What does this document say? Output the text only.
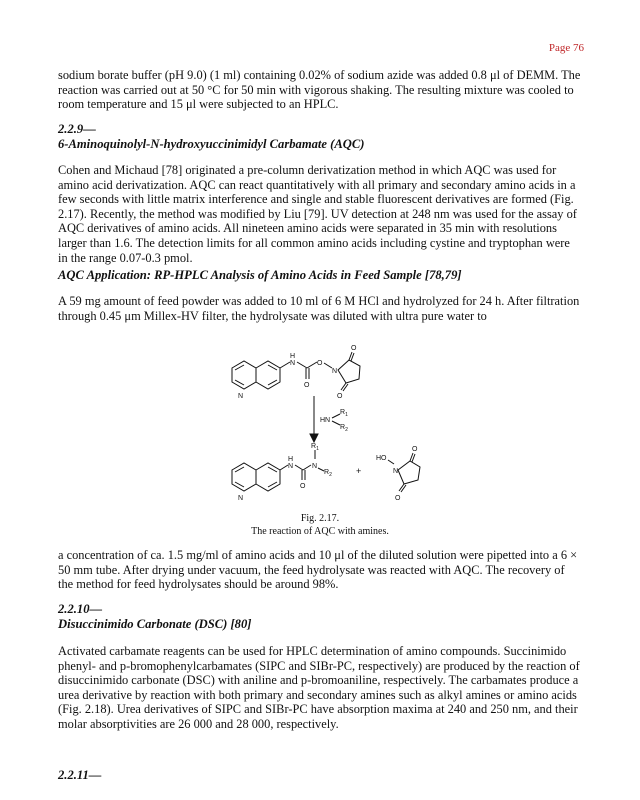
Page 76

sodium borate buffer (pH 9.0) (1 ml) containing 0.02% of sodium azide was added 0.8 μl of DEMM. The reaction was carried out at 50 °C for 50 min with vigorous shaking. The resulting mixture was cooled to room temperature and 15 μl were subjected to an HPLC.

2.2.9—
6-Aminoquinolyl-N-hydroxyuccinimidyl Carbamate (AQC)

Cohen and Michaud [78] originated a pre-column derivatization method in which AQC was used for amino acid derivatization. AQC can react quantitatively with all primary and secondary amino acids in a few seconds with little matrix interference and single and stable fluorescent derivatives are formed (Fig. 2.17). Recently, the method was modified by Liu [79]. UV detection at 248 nm was used for the assay of AQC derivatives of amino acids. All nineteen amino acids were separated in 35 min with resolutions larger than 1.6. The detection limits for all common amino acids including cystine and tryptophan were in the range 0.07-0.3 pmol.

AQC Application: RP-HPLC Analysis of Amino Acids in Feed Sample [78,79]

A 59 mg amount of feed powder was added to 10 ml of 6 M HCl and hydrolyzed for 24 h. After filtration through 0.45 μm Millex-HV filter, the hydrolysate was diluted with ultra pure water to

N
H
N	O
O
N
O
O
HN
$R_1$
$R_2$
N
H
N	N
$R_1$
$R_2$
O
+
HO
N
O
O

Fig. 2.17.

The reaction of AQC with amines.

a concentration of ca. 1.5 mg/ml of amino acids and 10 μl of the diluted solution were pipetted into a 6 × 50 mm tube. After drying under vacuum, the feed hydrolysate was reacted with AQC. The recovery of the method for feed hydrolysates should be around 98%.

2.2.10—
Disuccinimido Carbonate (DSC) [80]

Activated carbamate reagents can be used for HPLC determination of amino compounds. Succinimido phenyl- and p-bromophenylcarbamates (SIPC and SIBr-PC, respectively) are produced by the reaction of disuccinimido carbonate (DSC) with aniline and p-bromoaniline, respectively. The carbamates produce a urea derivative by reaction with both primary and secondary amines such as alkyl amines or amino acids (Fig. 2.18). Urea derivatives of SIPC and SIBr-PC have absorption maxima at 240 and 250 nm, and their molar absorptivities are 26 000 and 28 000, respectively.

2.2.11—
